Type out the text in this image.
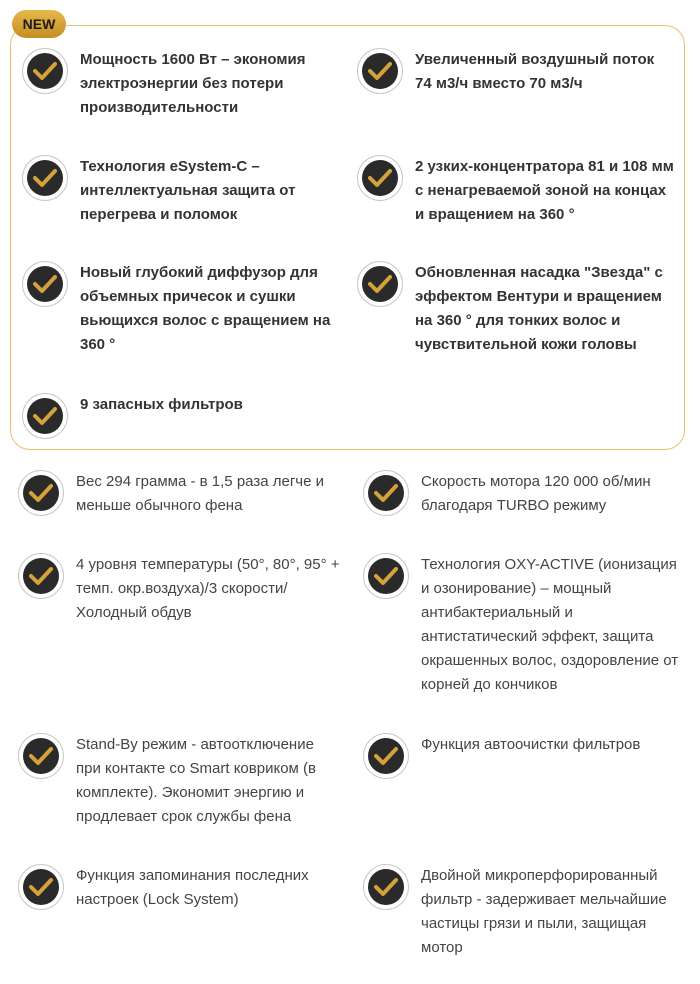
NEW
Мощность 1600 Вт – экономия
электроэнергии без потери
производительности
Увеличенный воздушный поток
74 м3/ч вместо 70 м3/ч
Технология eSystem-C –
интеллектуальная защита от
перегрева и поломок
2 узких-концентратора 81 и 108 мм
с ненагреваемой зоной на концах
и вращением на 360 °
Новый глубокий диффузор для
объемных причесок и сушки
вьющихся волос с вращением на
360 °
Обновленная насадка "Звезда" с
эффектом Вентури и вращением
на 360 ° для тонких волос и
чувствительной кожи головы
9 запасных фильтров
Вес 294 грамма - в 1,5 раза легче и
меньше обычного фена
Скорость мотора 120 000 об/мин
благодаря TURBO режиму
4 уровня температуры (50°, 80°, 95° +
темп. окр.воздуха)/3 скорости/
Холодный обдув
Технология OXY-ACTIVE (ионизация
и озонирование) – мощный
антибактериальный и
антистатический эффект, защита
окрашенных волос, оздоровление от
корней до кончиков
Stand-By режим - автоотключение
при контакте со Smart ковриком (в
комплекте). Экономит энергию и
продлевает срок службы фена
Функция автоочистки фильтров
Функция запоминания последних
настроек (Lock System)
Двойной микроперфорированный
фильтр - задерживает мельчайшие
частицы грязи и пыли, защищая
мотор
